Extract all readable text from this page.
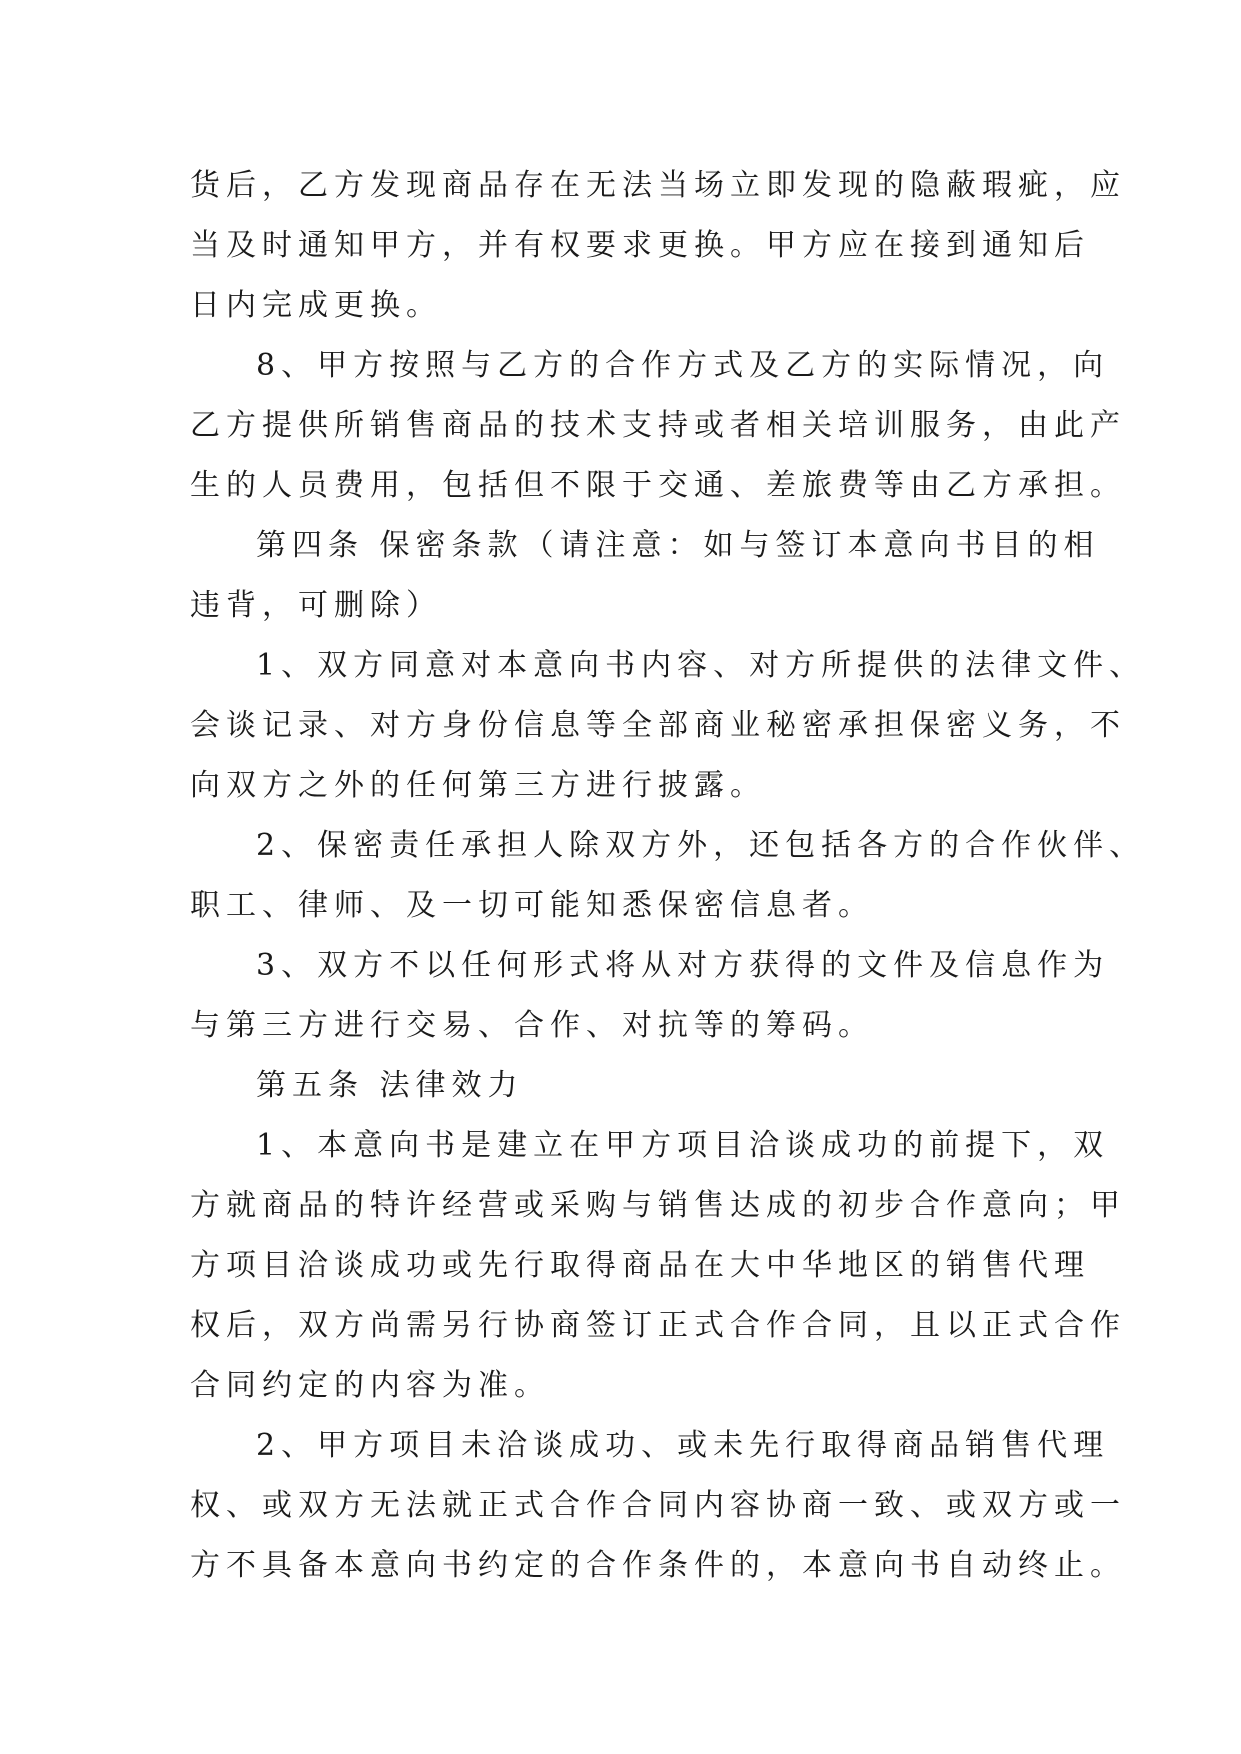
货后，乙方发现商品存在无法当场立即发现的隐蔽瑕疵，应
当及时通知甲方，并有权要求更换。甲方应在接到通知后
日内完成更换。
8、甲方按照与乙方的合作方式及乙方的实际情况，向
乙方提供所销售商品的技术支持或者相关培训服务，由此产
生的人员费用，包括但不限于交通、差旅费等由乙方承担。
第四条 保密条款（请注意：如与签订本意向书目的相
违背，可删除）
1、双方同意对本意向书内容、对方所提供的法律文件、
会谈记录、对方身份信息等全部商业秘密承担保密义务，不
向双方之外的任何第三方进行披露。
2、保密责任承担人除双方外，还包括各方的合作伙伴、
职工、律师、及一切可能知悉保密信息者。
3、双方不以任何形式将从对方获得的文件及信息作为
与第三方进行交易、合作、对抗等的筹码。
第五条 法律效力
1、本意向书是建立在甲方项目洽谈成功的前提下，双
方就商品的特许经营或采购与销售达成的初步合作意向；甲
方项目洽谈成功或先行取得商品在大中华地区的销售代理
权后，双方尚需另行协商签订正式合作合同，且以正式合作
合同约定的内容为准。
2、甲方项目未洽谈成功、或未先行取得商品销售代理
权、或双方无法就正式合作合同内容协商一致、或双方或一
方不具备本意向书约定的合作条件的，本意向书自动终止。
